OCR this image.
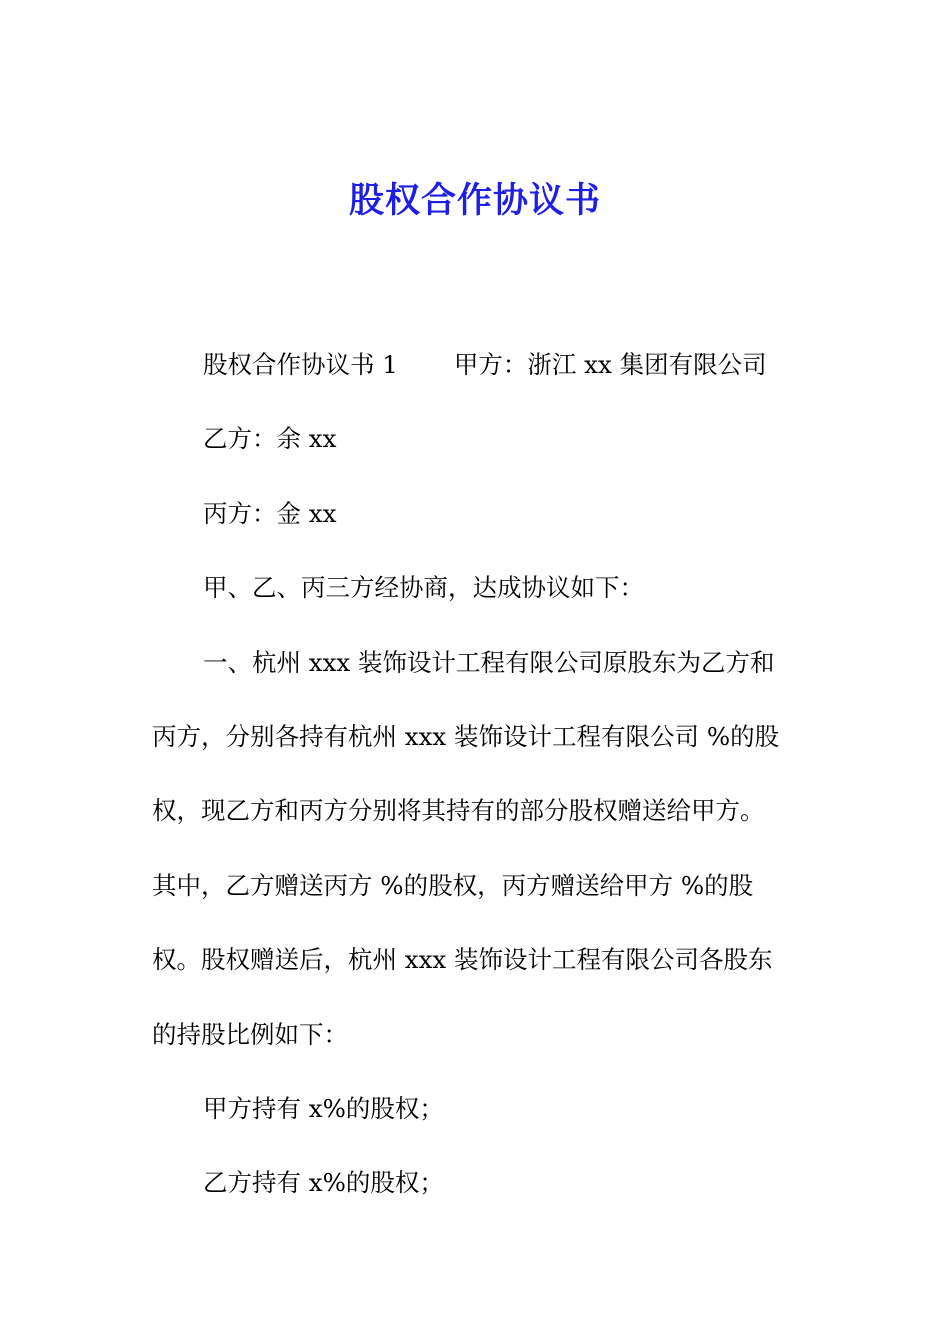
股权合作协议书
股权合作协议书 1 甲方：浙江 xx 集团有限公司
乙方：余 xx
丙方：金 xx
甲、乙、丙三方经协商，达成协议如下：
一、杭州 xxx 装饰设计工程有限公司原股东为乙方和
丙方，分别各持有杭州 xxx 装饰设计工程有限公司 %的股
权，现乙方和丙方分别将其持有的部分股权赠送给甲方。
其中，乙方赠送丙方 %的股权，丙方赠送给甲方 %的股
权。股权赠送后，杭州 xxx 装饰设计工程有限公司各股东
的持股比例如下：
甲方持有 x%的股权；
乙方持有 x%的股权；
